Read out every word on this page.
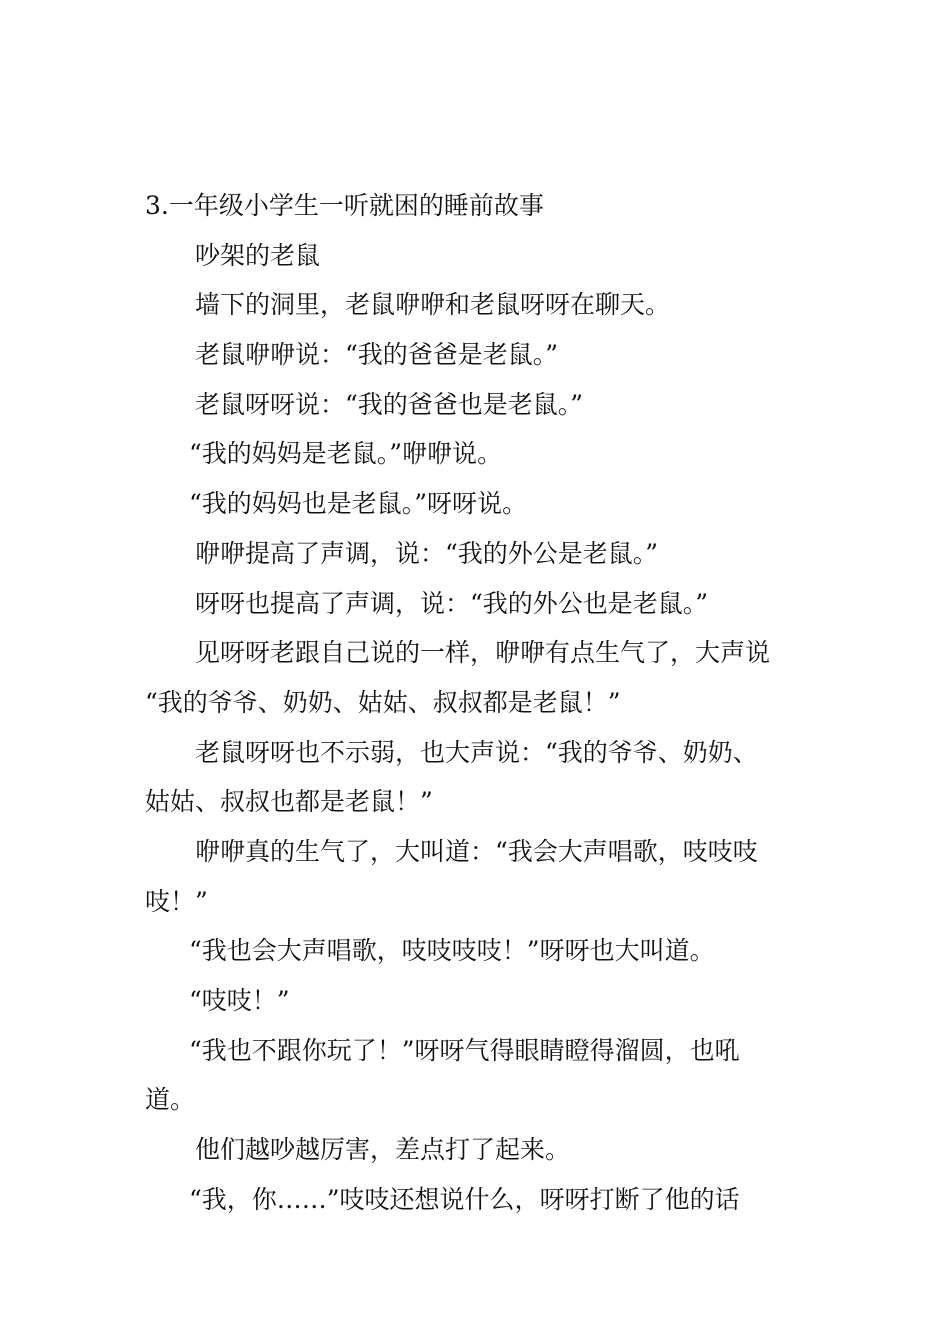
3.一年级小学生一听就困的睡前故事
吵架的老鼠
墙下的洞里，老鼠咿咿和老鼠呀呀在聊天。
老鼠咿咿说：“我的爸爸是老鼠。”
老鼠呀呀说：“我的爸爸也是老鼠。”
“我的妈妈是老鼠。”咿咿说。
“我的妈妈也是老鼠。”呀呀说。
咿咿提高了声调，说：“我的外公是老鼠。”
呀呀也提高了声调，说：“我的外公也是老鼠。”
见呀呀老跟自己说的一样，咿咿有点生气了，大声说
“我的爷爷、奶奶、姑姑、叔叔都是老鼠！”
老鼠呀呀也不示弱，也大声说：“我的爷爷、奶奶、
姑姑、叔叔也都是老鼠！”
咿咿真的生气了，大叫道：“我会大声唱歌，吱吱吱
吱！”
“我也会大声唱歌，吱吱吱吱！”呀呀也大叫道。
“吱吱！”
“我也不跟你玩了！”呀呀气得眼睛瞪得溜圆，也吼
道。
他们越吵越厉害，差点打了起来。
“我，你……”吱吱还想说什么，呀呀打断了他的话
